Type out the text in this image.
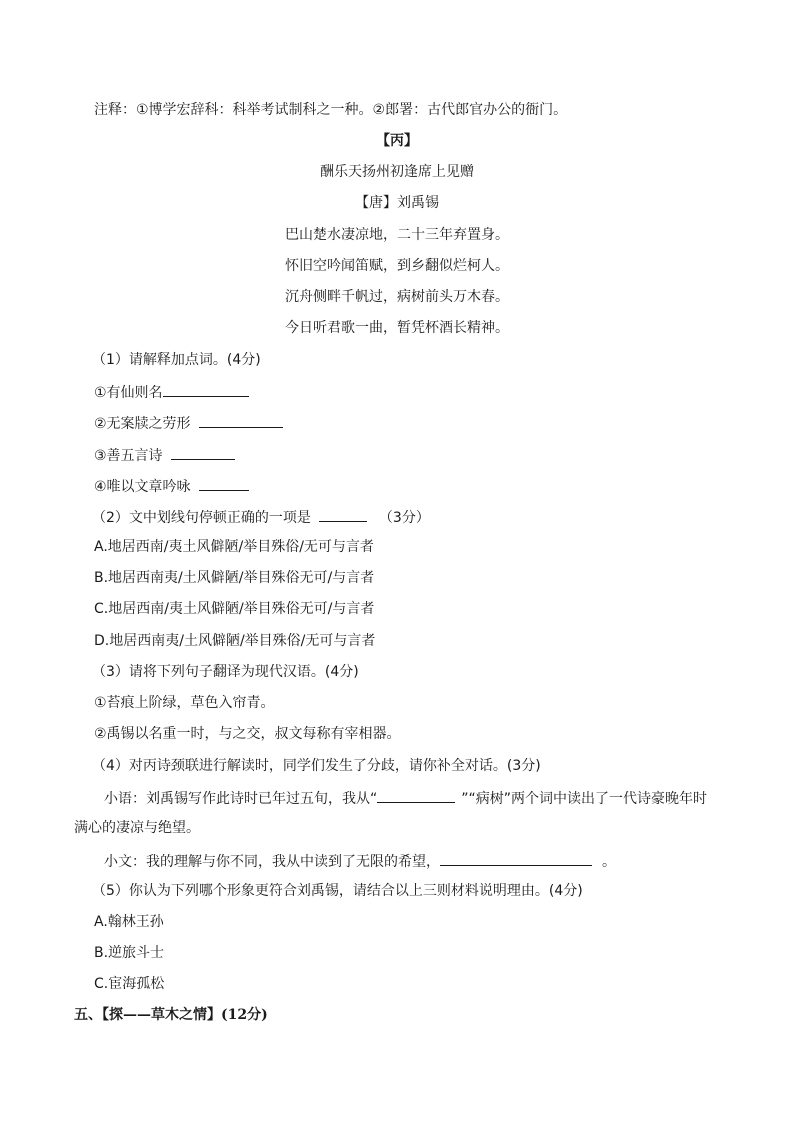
注释：①博学宏辞科：科举考试制科之一种。②郎署：古代郎官办公的衙门。
【丙】
酬乐天扬州初逢席上见赠
【唐】刘禹锡
巴山楚水凄凉地，二十三年弃置身。
怀旧空吟闻笛赋，到乡翻似烂柯人。
沉舟侧畔千帆过，病树前头万木春。
今日听君歌一曲，暂凭杯酒长精神。
（1）请解释加点词。(4分)
①有仙则名
②无案牍之劳形
③善五言诗
④唯以文章吟咏
（2）文中划线句停顿正确的一项是	（3分）
A.地居西南/夷土风僻陋/举目殊俗/无可与言者
B.地居西南夷/土风僻陋/举目殊俗无可/与言者
C.地居西南/夷土风僻陋/举目殊俗无可/与言者
D.地居西南夷/土风僻陋/举目殊俗/无可与言者
（3）请将下列句子翻译为现代汉语。(4分)
①苔痕上阶绿，草色入帘青。
②禹锡以名重一时，与之交，叔文每称有宰相器。
（4）对丙诗颈联进行解读时，同学们发生了分歧，请你补全对话。(3分)
小语：刘禹锡写作此诗时已年过五旬，我从“	”“病树”两个词中读出了一代诗豪晚年时
满心的凄凉与绝望。
小文：我的理解与你不同，我从中读到了无限的希望，	。
（5）你认为下列哪个形象更符合刘禹锡，请结合以上三则材料说明理由。(4分)
A.翰林王孙
B.逆旅斗士
C.宦海孤松
五、【探——草木之情】(12分)
